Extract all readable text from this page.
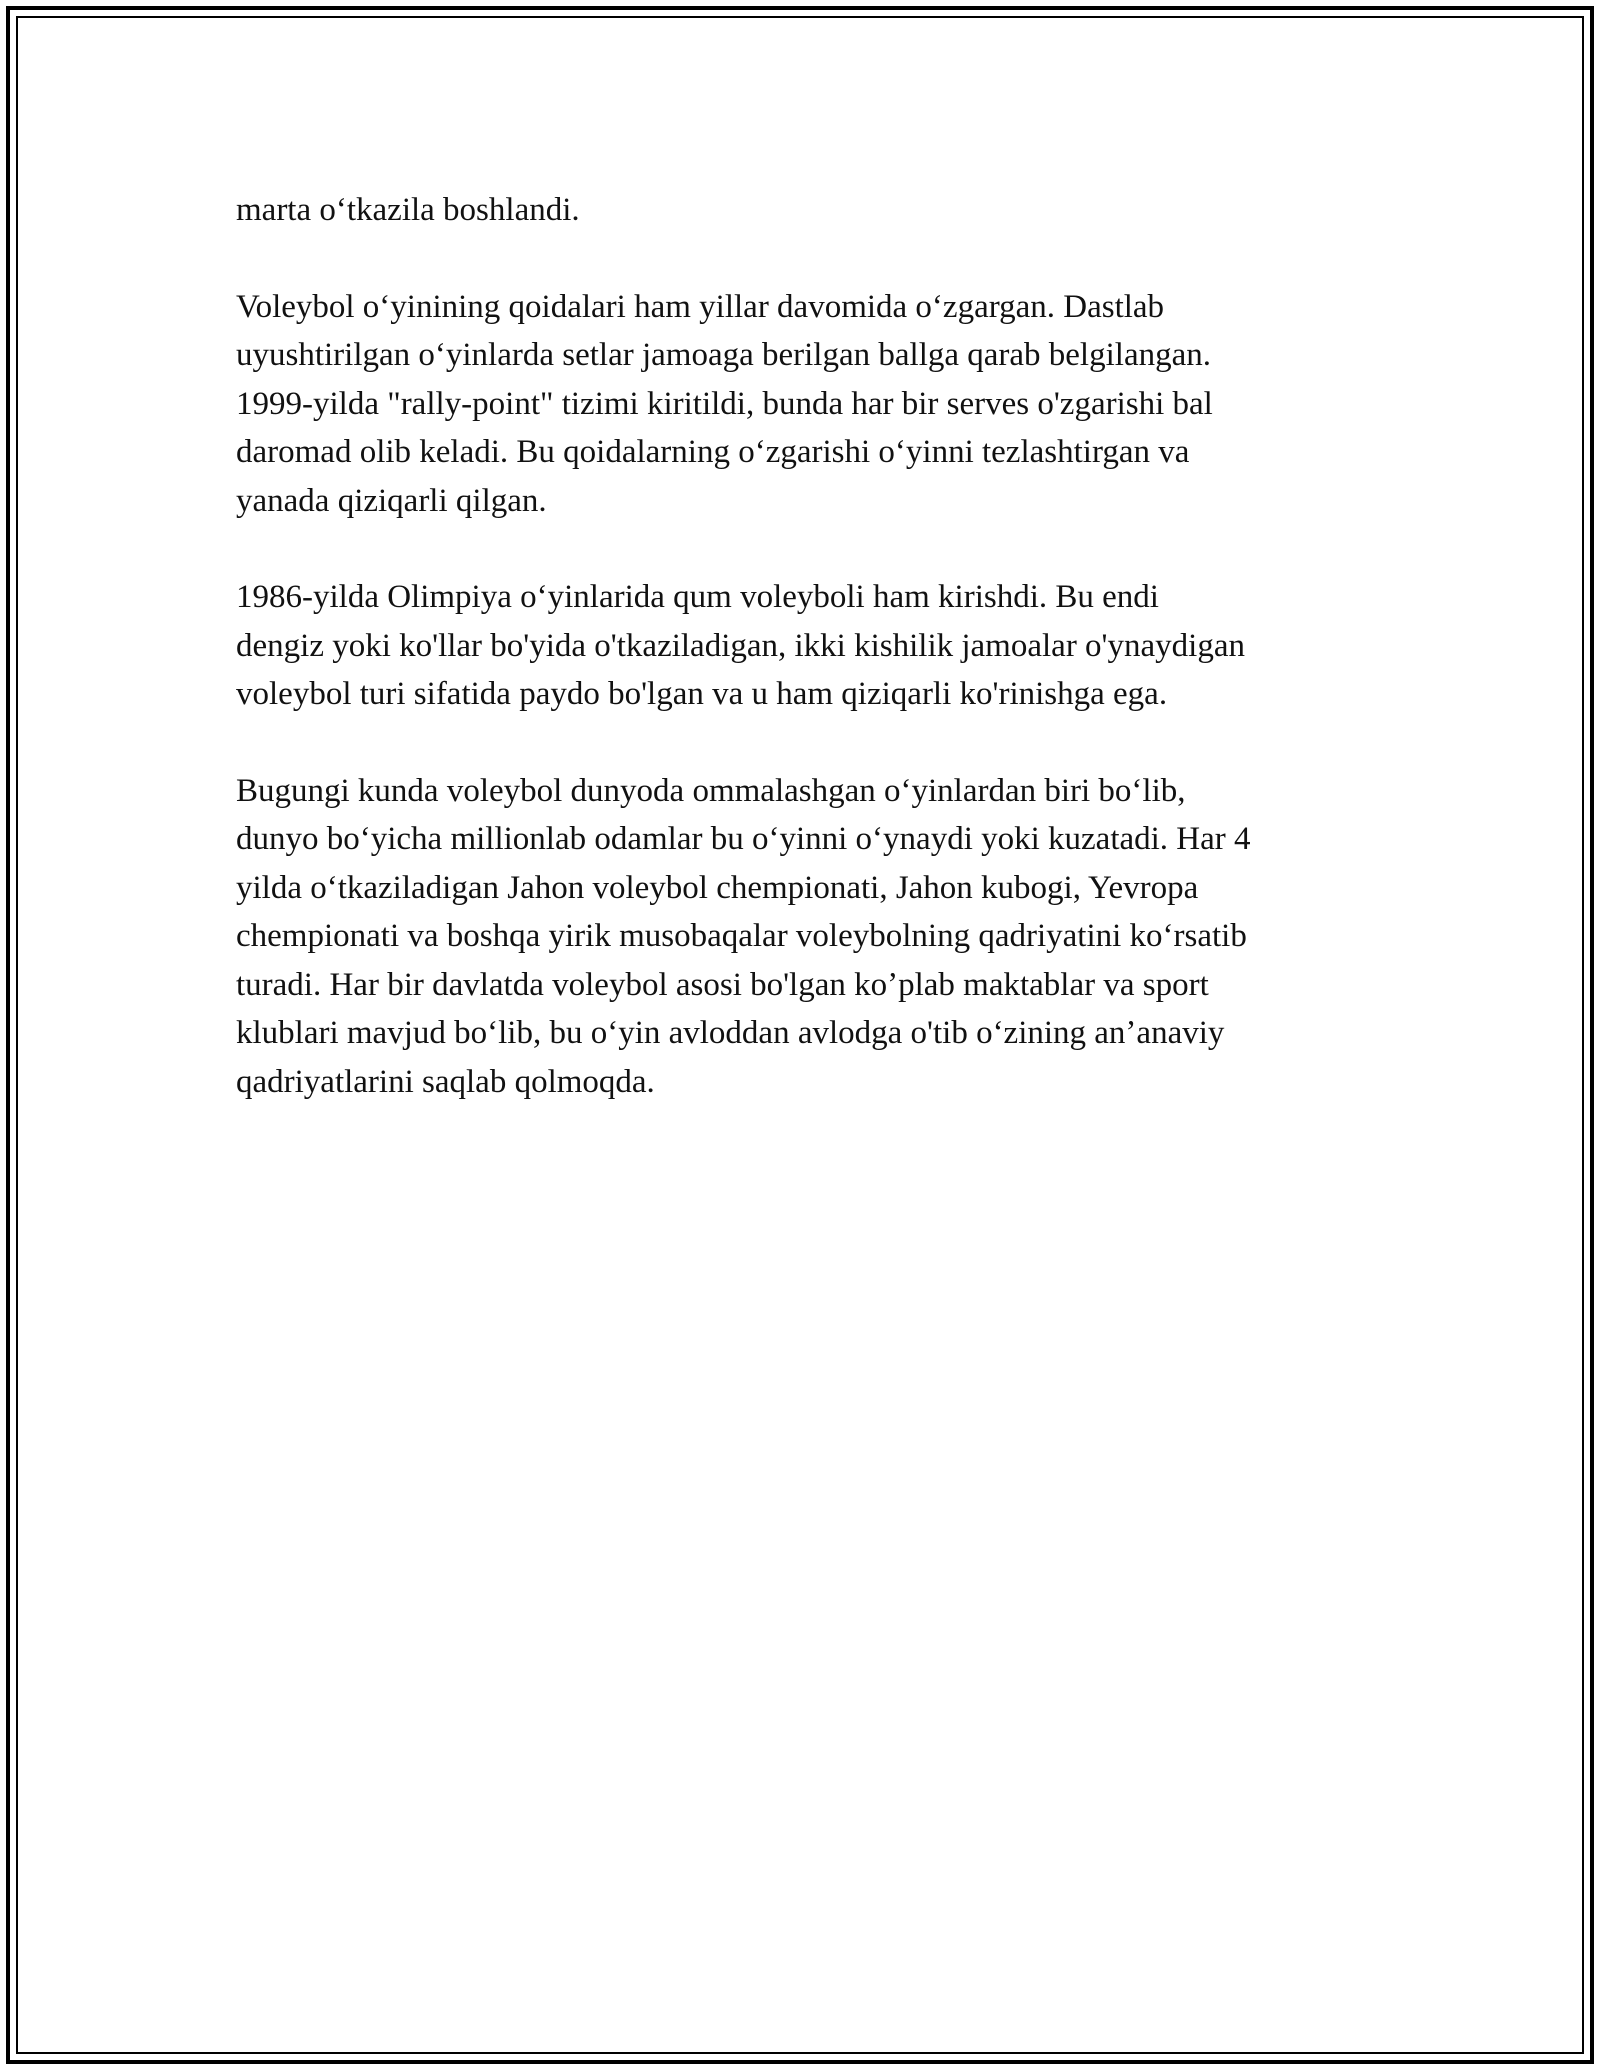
marta oʻtkazila boshlandi.

Voleybol oʻyinining qoidalari ham yillar davomida oʻzgargan. Dastlab
uyushtirilgan oʻyinlarda setlar jamoaga berilgan ballga qarab belgilangan.
1999-yilda "rally-point" tizimi kiritildi, bunda har bir serves o'zgarishi bal
daromad olib keladi. Bu qoidalarning oʻzgarishi oʻyinni tezlashtirgan va
yanada qiziqarli qilgan.

1986-yilda Olimpiya oʻyinlarida qum voleyboli ham kirishdi. Bu endi
dengiz yoki ko'llar bo'yida o'tkaziladigan, ikki kishilik jamoalar o'ynaydigan
voleybol turi sifatida paydo bo'lgan va u ham qiziqarli ko'rinishga ega.

Bugungi kunda voleybol dunyoda ommalashgan oʻyinlardan biri boʻlib,
dunyo boʻyicha millionlab odamlar bu oʻyinni oʻynaydi yoki kuzatadi. Har 4
yilda oʻtkaziladigan Jahon voleybol chempionati, Jahon kubogi, Yevropa
chempionati va boshqa yirik musobaqalar voleybolning qadriyatini koʻrsatib
turadi. Har bir davlatda voleybol asosi bo'lgan koʼplab maktablar va sport
klublari mavjud boʻlib, bu oʻyin avloddan avlodga o'tib oʻzining anʼanaviy
qadriyatlarini saqlab qolmoqda.
